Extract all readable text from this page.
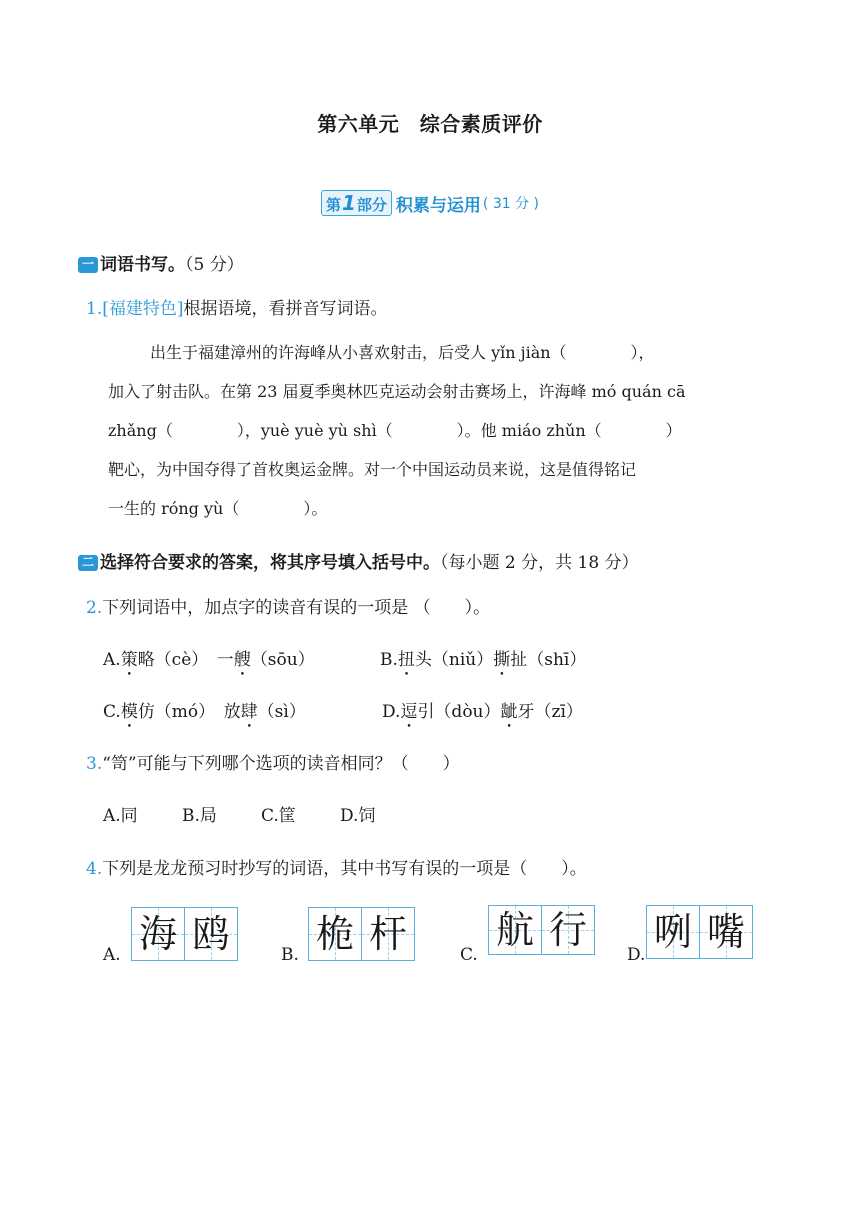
第六单元　综合素质评价
第1部分 积累与运用 ( 31 分 )
一 词语书写。（5 分）
1.[福建特色]根据语境，看拼音写词语。
出生于福建漳州的许海峰从小喜欢射击，后受人 yǐn jiàn（　　　　），
加入了射击队。在第 23 届夏季奥林匹克运动会射击赛场上，许海峰 mó quán cā
zhǎng（　　　　），yuè yuè yù shì（　　　　）。他 miáo zhǔn（　　　　）
靶心，为中国夺得了首枚奥运金牌。对一个中国运动员来说，这是值得铭记
一生的 róng yù（　　　　）。
二 选择符合要求的答案，将其序号填入括号中。（每小题 2 分，共 18 分）
2.下列词语中，加点字的读音有误的一项是 （　　）。
A.策略（cè）　 一艘（sōu）	B.扭头（niǔ）撕扯（shī）
C.模仿（mó）　 放肆（sì）	D.逗引（dòu）龇牙（zī）
3.“笥”可能与下列哪个选项的读音相同？（　　）
A.同	B.局	C.筐	D.饲
4.下列是龙龙预习时抄写的词语，其中书写有误的一项是（　　）。
A. 海 鸥	B. 桅 杆	C.
航 行
D.
咧 嘴
